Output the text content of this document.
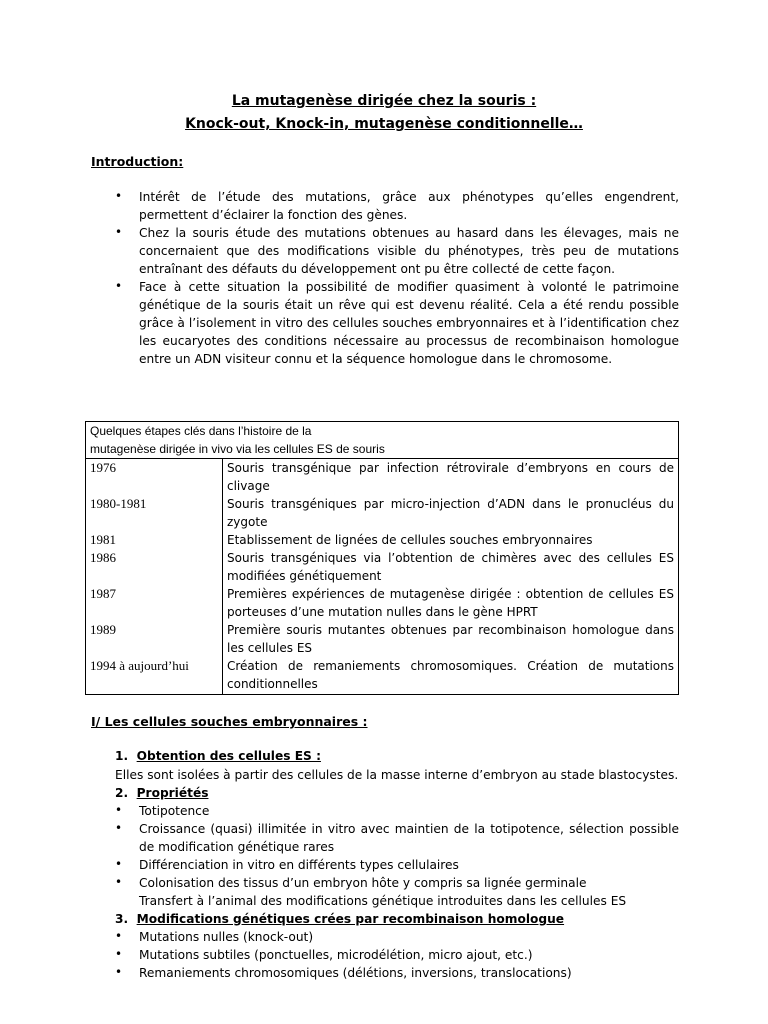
La mutagenèse dirigée chez la souris :
Knock-out, Knock-in, mutagenèse conditionnelle…
Introduction:
• Intérêt de l’étude des mutations, grâce aux phénotypes qu’elles engendrent, permettent d’éclairer la fonction des gènes.
• Chez la souris étude des mutations obtenues au hasard dans les élevages, mais ne concernaient que des modifications visible du phénotypes, très peu de mutations entraînant des défauts du développement ont pu être collecté de cette façon.
• Face à cette situation la possibilité de modifier quasiment à volonté le patrimoine génétique de la souris était un rêve qui est devenu réalité. Cela a été rendu possible grâce à l’isolement in vitro des cellules souches embryonnaires et à l’identification chez les eucaryotes des conditions nécessaire au processus de recombinaison homologue entre un ADN visiteur connu et la séquence homologue dans le chromosome.
Quelques étapes clés dans l’histoire de la
mutagenèse dirigée in vivo via les cellules ES de souris	

1976	Souris transgénique par infection rétrovirale d’embryons en cours de clivage
1980-1981	Souris transgéniques par micro-injection d’ADN dans le pronucléus du zygote
1981	Etablissement de lignées de cellules souches embryonnaires
1986	Souris transgéniques via l’obtention de chimères avec des cellules ES modifiées génétiquement
1987	Premières expériences de mutagenèse dirigée : obtention de cellules ES porteuses d’une mutation nulles dans le gène HPRT
1989	Première souris mutantes obtenues par recombinaison homologue dans les cellules ES
1994 à aujourd’hui	Création de remaniements chromosomiques. Création de mutations conditionnelles
I/ Les cellules souches embryonnaires :
1. Obtention des cellules ES :
Elles sont isolées à partir des cellules de la masse interne d’embryon au stade blastocystes.
2. Propriétés
• Totipotence
• Croissance (quasi) illimitée in vitro avec maintien de la totipotence, sélection possible de modification génétique rares
• Différenciation in vitro en différents types cellulaires
• Colonisation des tissus d’un embryon hôte y compris sa lignée germinale
Transfert à l’animal des modifications génétique introduites dans les cellules ES
3. Modifications génétiques crées par recombinaison homologue
• Mutations nulles (knock-out)
• Mutations subtiles (ponctuelles, microdélétion, micro ajout, etc.)
• Remaniements chromosomiques (délétions, inversions, translocations)
